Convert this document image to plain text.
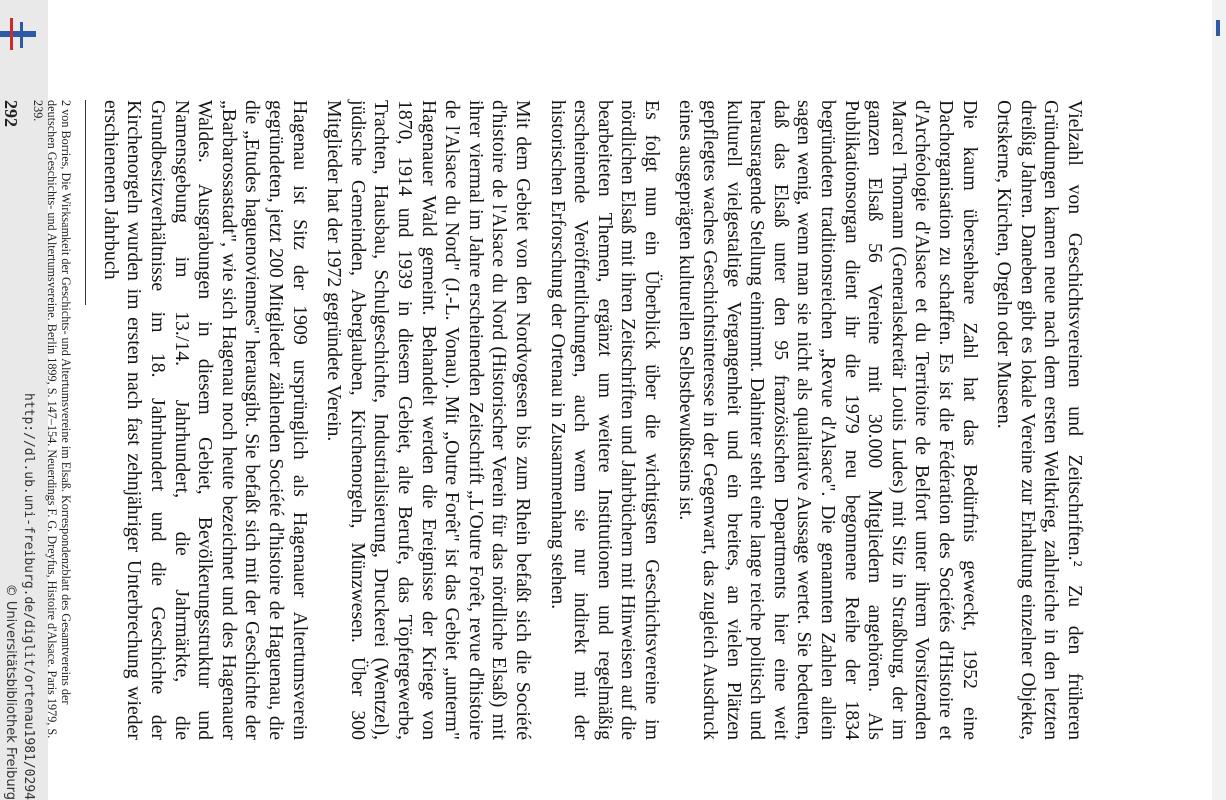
Vielzahl von Geschichtsvereinen und Zeitschriften.² Zu den früheren Gründungen kamen neue nach dem ersten Weltkrieg, zahlreiche in den letzten dreißig Jahren. Daneben gibt es lokale Vereine zur Erhaltung einzelner Objekte, Ortskerne, Kirchen, Orgeln oder Museen.

Die kaum übersehbare Zahl hat das Bedürfnis geweckt, 1952 eine Dachorganisation zu schaffen. Es ist die Fédération des Sociétés d'Histoire et d'Archéologie d'Alsace et du Territoire de Belfort unter ihrem Vorsitzenden Marcel Thomann (Generalsekretär Louis Ludes) mit Sitz in Straßburg, der im ganzen Elsaß 56 Vereine mit 30.000 Mitgliedern angehören. Als Publikationsorgan dient ihr die 1979 neu begonnene Reihe der 1834 begründeten traditionsreichen „Revue d'Alsace". Die genannten Zahlen allein sagen wenig, wenn man sie nicht als qualitative Aussage wertet. Sie bedeuten, daß das Elsaß unter den 95 französischen Departments hier eine weit herausragende Stellung einnimmt. Dahinter steht eine lange reiche politisch und kulturell vielgestaltige Vergangenheit und ein breites, an vielen Plätzen gepflegtes waches Geschichtsinteresse in der Gegenwart, das zugleich Ausdruck eines ausgeprägten kulturellen Selbstbewußtseins ist.

Es folgt nun ein Überblick über die wichtigsten Geschichtsvereine im nördlichen Elsaß mit ihren Zeitschriften und Jahrbüchern mit Hinweisen auf die bearbeiteten Themen, ergänzt um weitere Institutionen und regelmäßig erscheinende Veröffentlichungen, auch wenn sie nur indirekt mit der historischen Erforschung der Ortenau in Zusammenhang stehen.

Mit dem Gebiet von den Nordvogesen bis zum Rhein befaßt sich die Société d'histoire de l'Alsace du Nord (Historischer Verein für das nördliche Elsaß) mit ihrer viermal im Jahre erscheinenden Zeitschrift „L'Outre Forêt, revue d'histoire de l'Alsace du Nord" (J.-L. Vonau). Mit „Outre Forêt" ist das Gebiet „unterm" Hagenauer Wald gemeint. Behandelt werden die Ereignisse der Kriege von 1870, 1914 und 1939 in diesem Gebiet, alte Berufe, das Töpfergewerbe, Trachten, Hausbau, Schulgeschichte, Industrialisierung, Druckerei (Wentzel), jüdische Gemeinden, Aberglauben, Kirchenorgeln, Münzwesen. Über 300 Mitglieder hat der 1972 gegründete Verein.

Hagenau ist Sitz der 1909 ursprünglich als Hagenauer Altertumsverein gegründeten, jetzt 200 Mitglieder zählenden Société d'histoire de Haguenau, die die „Etudes haguenoviennes" herausgibt. Sie befaßt sich mit der Geschichte der „Barbarossastadt", wie sich Hagenau noch heute bezeichnet und des Hagenauer Waldes. Ausgrabungen in diesem Gebiet, Bevölkerungsstruktur und Namensgebung im 13./14. Jahrhundert, die Jahrmärkte, die Grundbesitzverhältnisse im 18. Jahrhundert und die Geschichte der Kirchenorgeln wurden im ersten nach fast zehnjähriger Unterbrechung wieder erschienenen Jahrbuch

2 von Borries, Die Wirksamkeit der Geschichts- und Altertumsvereine im Elsaß. Korrespondenzblatt des Gesamtvereins der deutschen Geschichts- und Altertumsvereine. Berlin 1899, S. 147–154. Neuerdings F. G. Dreyfus, Histoire d'Alsace. Paris 1979, S. 239.
292
http://dl.ub.uni-freiburg.de/diglit/ortenau1981/0294
© Universitätsbibliothek Freiburg
